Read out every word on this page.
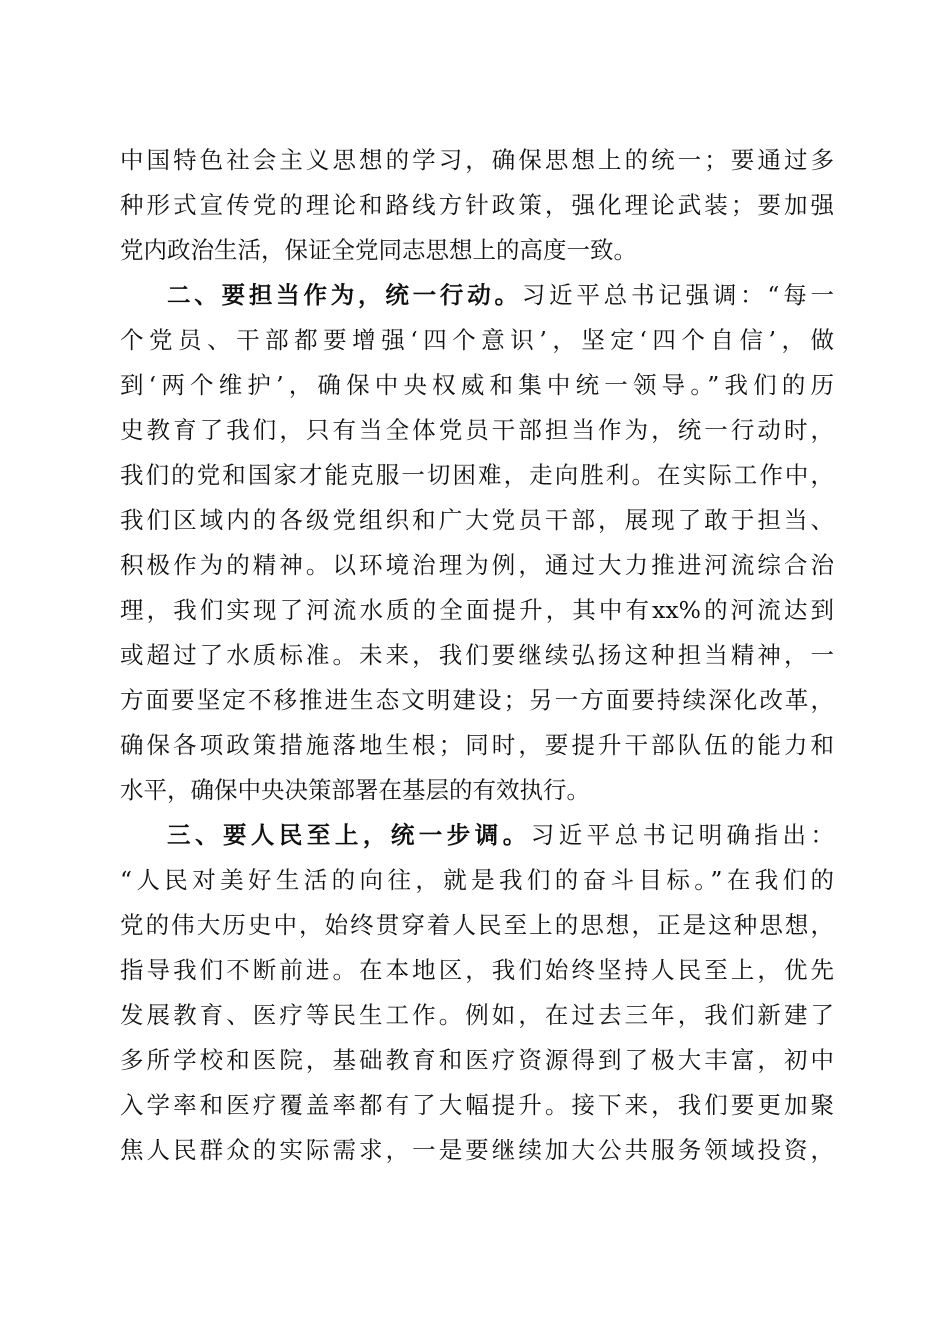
中国特色社会主义思想的学习，确保思想上的统一；要通过多
种形式宣传党的理论和路线方针政策，强化理论武装；要加强
党内政治生活，保证全党同志思想上的高度一致。
二、要担当作为，统一行动。习近平总书记强调：“每一
个党员、干部都要增强‘四个意识’，坚定‘四个自信’，做
到‘两个维护’，确保中央权威和集中统一领导。”我们的历
史教育了我们，只有当全体党员干部担当作为，统一行动时，
我们的党和国家才能克服一切困难，走向胜利。在实际工作中，
我们区域内的各级党组织和广大党员干部，展现了敢于担当、
积极作为的精神。以环境治理为例，通过大力推进河流综合治
理，我们实现了河流水质的全面提升，其中有xx%的河流达到
或超过了水质标准。未来，我们要继续弘扬这种担当精神，一
方面要坚定不移推进生态文明建设；另一方面要持续深化改革，
确保各项政策措施落地生根；同时，要提升干部队伍的能力和
水平，确保中央决策部署在基层的有效执行。
三、要人民至上，统一步调。习近平总书记明确指出：
“人民对美好生活的向往，就是我们的奋斗目标。”在我们的
党的伟大历史中，始终贯穿着人民至上的思想，正是这种思想，
指导我们不断前进。在本地区，我们始终坚持人民至上，优先
发展教育、医疗等民生工作。例如，在过去三年，我们新建了
多所学校和医院，基础教育和医疗资源得到了极大丰富，初中
入学率和医疗覆盖率都有了大幅提升。接下来，我们要更加聚
焦人民群众的实际需求，一是要继续加大公共服务领域投资，
